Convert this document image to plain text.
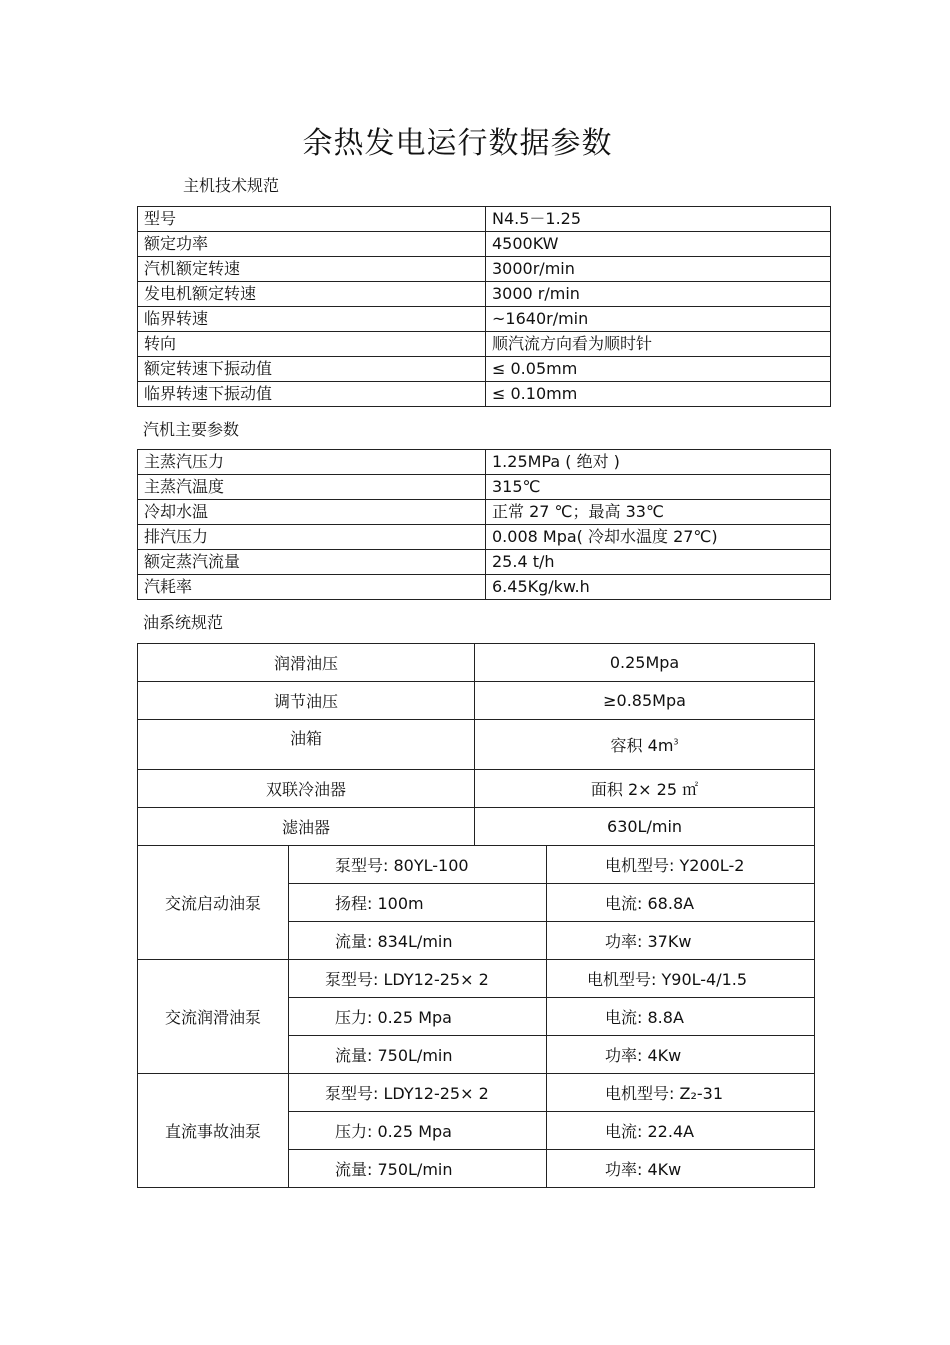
余热发电运行数据参数
主机技术规范
型号	N4.5－1.25
额定功率	4500KW
汽机额定转速	3000r/min
发电机额定转速	3000 r/min
临界转速	~1640r/min
转向	顺汽流方向看为顺时针
额定转速下振动值	≤ 0.05mm
临界转速下振动值	≤ 0.10mm
汽机主要参数
主蒸汽压力	1.25MPa ( 绝对 )
主蒸汽温度	315℃
冷却水温	正常 27 ℃；最高 33℃
排汽压力	0.008 Mpa( 冷却水温度 27℃)
额定蒸汽流量	25.4 t/h
汽耗率	6.45Kg/kw.h
油系统规范
润滑油压		0.25Mpa	
调节油压		≥0.85Mpa	
油箱		容积 $4m^3$
双联冷油器		面积 2× 25 ㎡	
滤油器		630L/min	
交流启动油泵	泵型号: 80YL-100		电机型号: Y200L-2
	扬程: 100m		电流: 68.8A
	流量: 834L/min		功率: 37Kw
交流润滑油泵	泵型号: LDY12-25× 2		电机型号: Y90L-4/1.5
	压力: 0.25 Mpa		电流: 8.8A
	流量: 750L/min		功率: 4Kw
直流事故油泵	泵型号: LDY12-25× 2		电机型号: Z₂-31
	压力: 0.25 Mpa		电流: 22.4A
	流量: 750L/min		功率: 4Kw
